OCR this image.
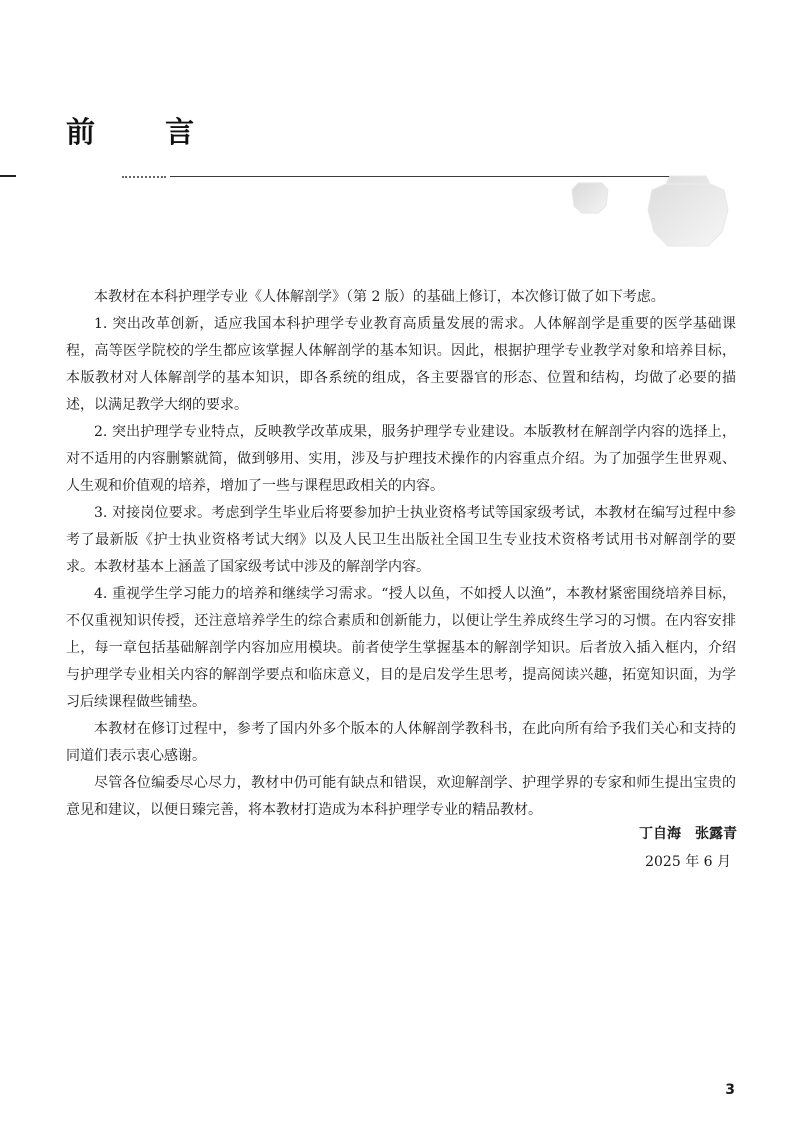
前 言

本教材在本科护理学专业《人体解剖学》（第 2 版）的基础上修订，本次修订做了如下考虑。

1. 突出改革创新，适应我国本科护理学专业教育高质量发展的需求。人体解剖学是重要的医学基础课程，高等医学院校的学生都应该掌握人体解剖学的基本知识。因此，根据护理学专业教学对象和培养目标，本版教材对人体解剖学的基本知识，即各系统的组成，各主要器官的形态、位置和结构，均做了必要的描述，以满足教学大纲的要求。

2. 突出护理学专业特点，反映教学改革成果，服务护理学专业建设。本版教材在解剖学内容的选择上，对不适用的内容删繁就简，做到够用、实用，涉及与护理技术操作的内容重点介绍。为了加强学生世界观、人生观和价值观的培养，增加了一些与课程思政相关的内容。

3. 对接岗位要求。考虑到学生毕业后将要参加护士执业资格考试等国家级考试，本教材在编写过程中参考了最新版《护士执业资格考试大纲》以及人民卫生出版社全国卫生专业技术资格考试用书对解剖学的要求。本教材基本上涵盖了国家级考试中涉及的解剖学内容。

4. 重视学生学习能力的培养和继续学习需求。“授人以鱼，不如授人以渔”，本教材紧密围绕培养目标，不仅重视知识传授，还注意培养学生的综合素质和创新能力，以便让学生养成终生学习的习惯。在内容安排上，每一章包括基础解剖学内容加应用模块。前者使学生掌握基本的解剖学知识。后者放入插入框内，介绍与护理学专业相关内容的解剖学要点和临床意义，目的是启发学生思考，提高阅读兴趣，拓宽知识面，为学习后续课程做些铺垫。

本教材在修订过程中，参考了国内外多个版本的人体解剖学教科书，在此向所有给予我们关心和支持的同道们表示衷心感谢。

尽管各位编委尽心尽力，教材中仍可能有缺点和错误，欢迎解剖学、护理学界的专家和师生提出宝贵的意见和建议，以便日臻完善，将本教材打造成为本科护理学专业的精品教材。

丁自海 张露青
2025 年 6 月
3
